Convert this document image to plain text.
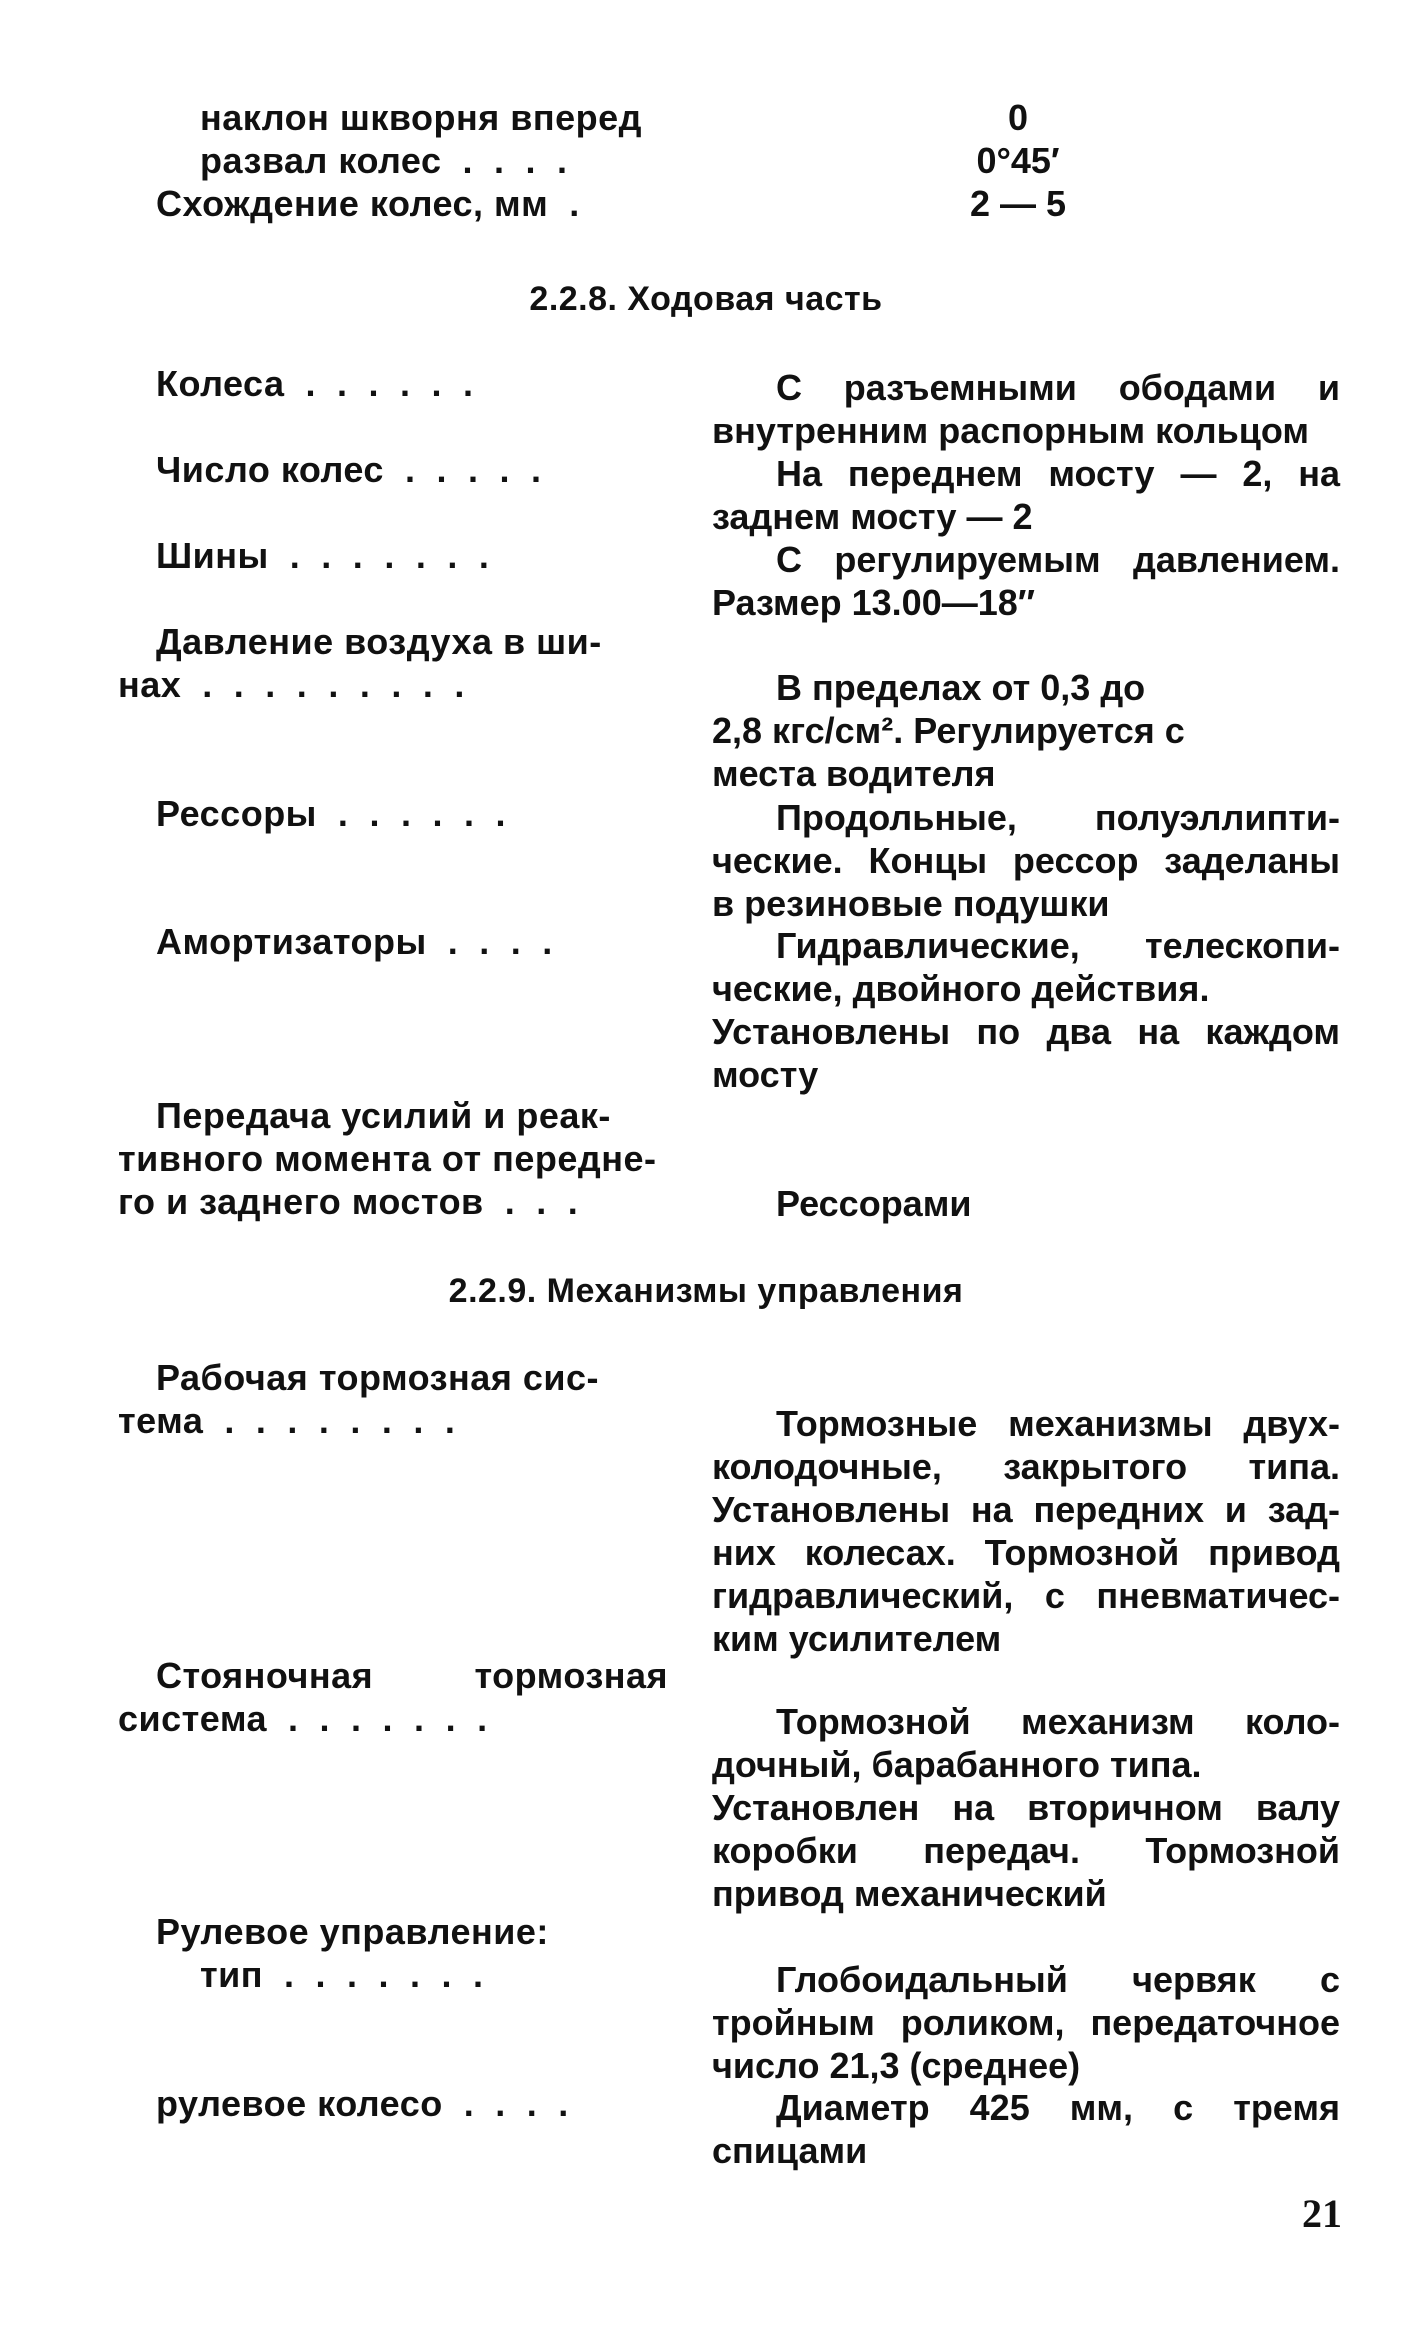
наклон шкворня вперед	0
развал колес  .  .  .  .	0°45′
Схождение колес, мм  .	2 — 5
2.2.8. Ходовая часть
Колеса  .  .  .  .  .  .	С разъемными ободами и
внутренним распорным кольцом
Число колес  .  .  .  .  .	На переднем мосту — 2, на
заднем мосту — 2
Шины  .  .  .  .  .  .  .	С регулируемым давлением.
Размер 13.00—18″
Давление воздуха в ши-
нах  .  .  .  .  .  .  .  .  .	В пределах от 0,3 до
2,8 кгс/см². Регулируется с
места водителя
Рессоры  .  .  .  .  .  .	Продольные, полуэллипти-
ческие. Концы рессор заделаны
в резиновые подушки
Амортизаторы  .  .  .  .	Гидравлические, телескопи-
ческие, двойного действия.
Установлены по два на каждом
мосту
Передача усилий и реак-
тивного момента от передне-
го и заднего мостов  .  .  .	Рессорами
2.2.9. Механизмы управления
Рабочая тормозная сис-
тема  .  .  .  .  .  .  .  .	Тормозные механизмы двух-
колодочные, закрытого типа.
Установлены на передних и зад-
них колесах. Тормозной привод
гидравлический, с пневматичес-
ким усилителем
Стояночная тормозная
система  .  .  .  .  .  .  .	Тормозной механизм коло-
дочный, барабанного типа.
Установлен на вторичном валу
коробки передач. Тормозной
привод механический
Рулевое управление:
тип  .  .  .  .  .  .  .	Глобоидальный червяк с
тройным роликом, передаточное
число 21,3 (среднее)
рулевое колесо  .  .  .  .	Диаметр 425 мм, с тремя
спицами
21
